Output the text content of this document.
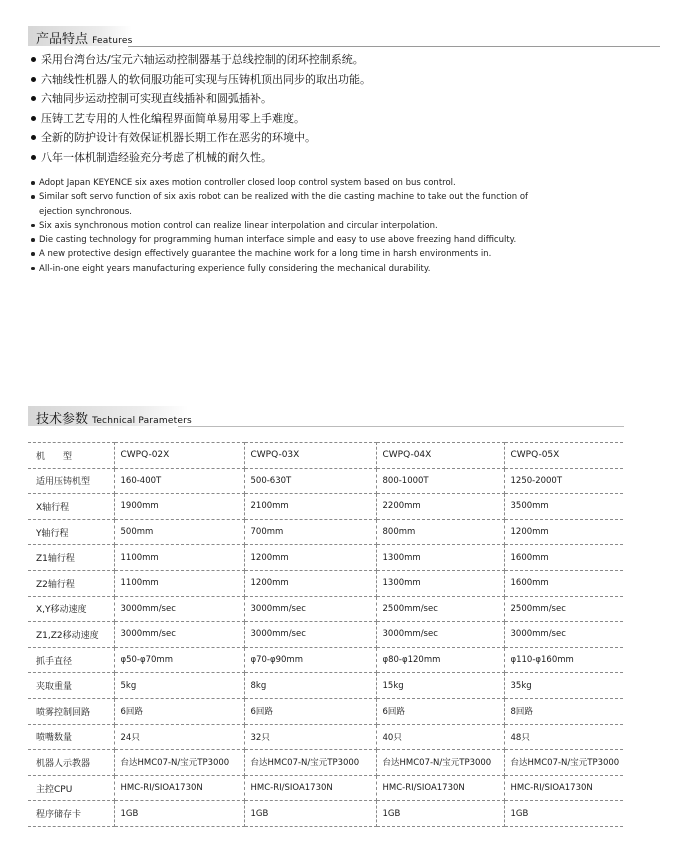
产品特点 Features
采用台湾台达/宝元六轴运动控制器基于总线控制的闭环控制系统。
六轴线性机器人的软伺服功能可实现与压铸机顶出同步的取出功能。
六轴同步运动控制可实现直线插补和圆弧插补。
压铸工艺专用的人性化编程界面简单易用零上手难度。
全新的防护设计有效保证机器长期工作在恶劣的环境中。
八年一体机制造经验充分考虑了机械的耐久性。
Adopt Japan KEYENCE six axes motion controller closed loop control system based on bus control.
Similar soft servo function of six axis robot can be realized with the die casting machine to take out the function of ejection synchronous.
Six axis synchronous motion control can realize linear interpolation and circular interpolation.
Die casting technology for programming human interface simple and easy to use above freezing hand difficulty.
A new protective design effectively guarantee the machine work for a long time in harsh environments in.
All-in-one eight years manufacturing experience fully considering the mechanical durability.
技术参数 Technical Parameters
机　　型	CWPQ-02X	CWPQ-03X	CWPQ-04X	CWPQ-05X
适用压铸机型	160-400T	500-630T	800-1000T	1250-2000T
X轴行程	1900mm	2100mm	2200mm	3500mm
Y轴行程	500mm	700mm	800mm	1200mm
Z1轴行程	1100mm	1200mm	1300mm	1600mm
Z2轴行程	1100mm	1200mm	1300mm	1600mm
X,Y移动速度	3000mm/sec	3000mm/sec	2500mm/sec	2500mm/sec
Z1,Z2移动速度	3000mm/sec	3000mm/sec	3000mm/sec	3000mm/sec
抓手直径	φ50-φ70mm	φ70-φ90mm	φ80-φ120mm	φ110-φ160mm
夹取重量	5kg	8kg	15kg	35kg
喷雾控制回路	6回路	6回路	6回路	8回路
喷嘴数量	24只	32只	40只	48只
机器人示教器	台达HMC07-N/宝元TP3000	台达HMC07-N/宝元TP3000	台达HMC07-N/宝元TP3000	台达HMC07-N/宝元TP3000
主控CPU	HMC-RI/SIOA1730N	HMC-RI/SIOA1730N	HMC-RI/SIOA1730N	HMC-RI/SIOA1730N
程序储存卡	1GB	1GB	1GB	1GB
